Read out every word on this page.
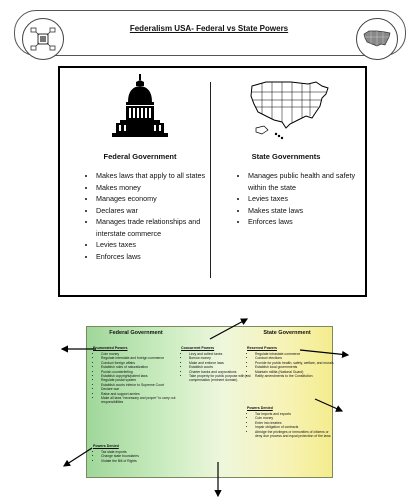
Federalism USA- Federal vs State Powers
Federal Government
• Makes laws that apply to all states
• Makes money
• Manages economy
• Declares war
• Manages trade relationships and interstate commerce
• Levies taxes
• Enforces laws
State Governments
• Manages public health and safety within the state
• Levies taxes
• Makes state laws
• Enforces laws
Federal Government	State Government
Enumerated Powers
• Coin money
• Regulate interstate and foreign commerce
• Conduct foreign affairs
• Establish rules of naturalization
• Punish counterfeiting
• Establish copyright/patent laws
• Regulate postal system
• Establish courts inferior to Supreme Court
• Declare war
• Raise and support armies
• Make all laws "necessary and proper" to carry out responsibilities
Powers Denied
• Tax state exports
• Change state boundaries
• Violate the Bill of Rights
Concurrent Powers
• Levy and collect taxes
• Borrow money
• Make and enforce laws
• Establish courts
• Charter banks and corporations
• Take property for public purpose with just compensation (eminent domain)
Reserved Powers
• Regulate intrastate commerce
• Conduct elections
• Provide for public health, safety, welfare, and morals
• Establish local governments
• Maintain militia (National Guard)
• Ratify amendments to the Constitution
Powers Denied
• Tax imports and exports
• Coin money
• Enter into treaties
• Impair obligation of contracts
• Abridge the privileges or immunities of citizens or deny due process and equal protection of the laws
